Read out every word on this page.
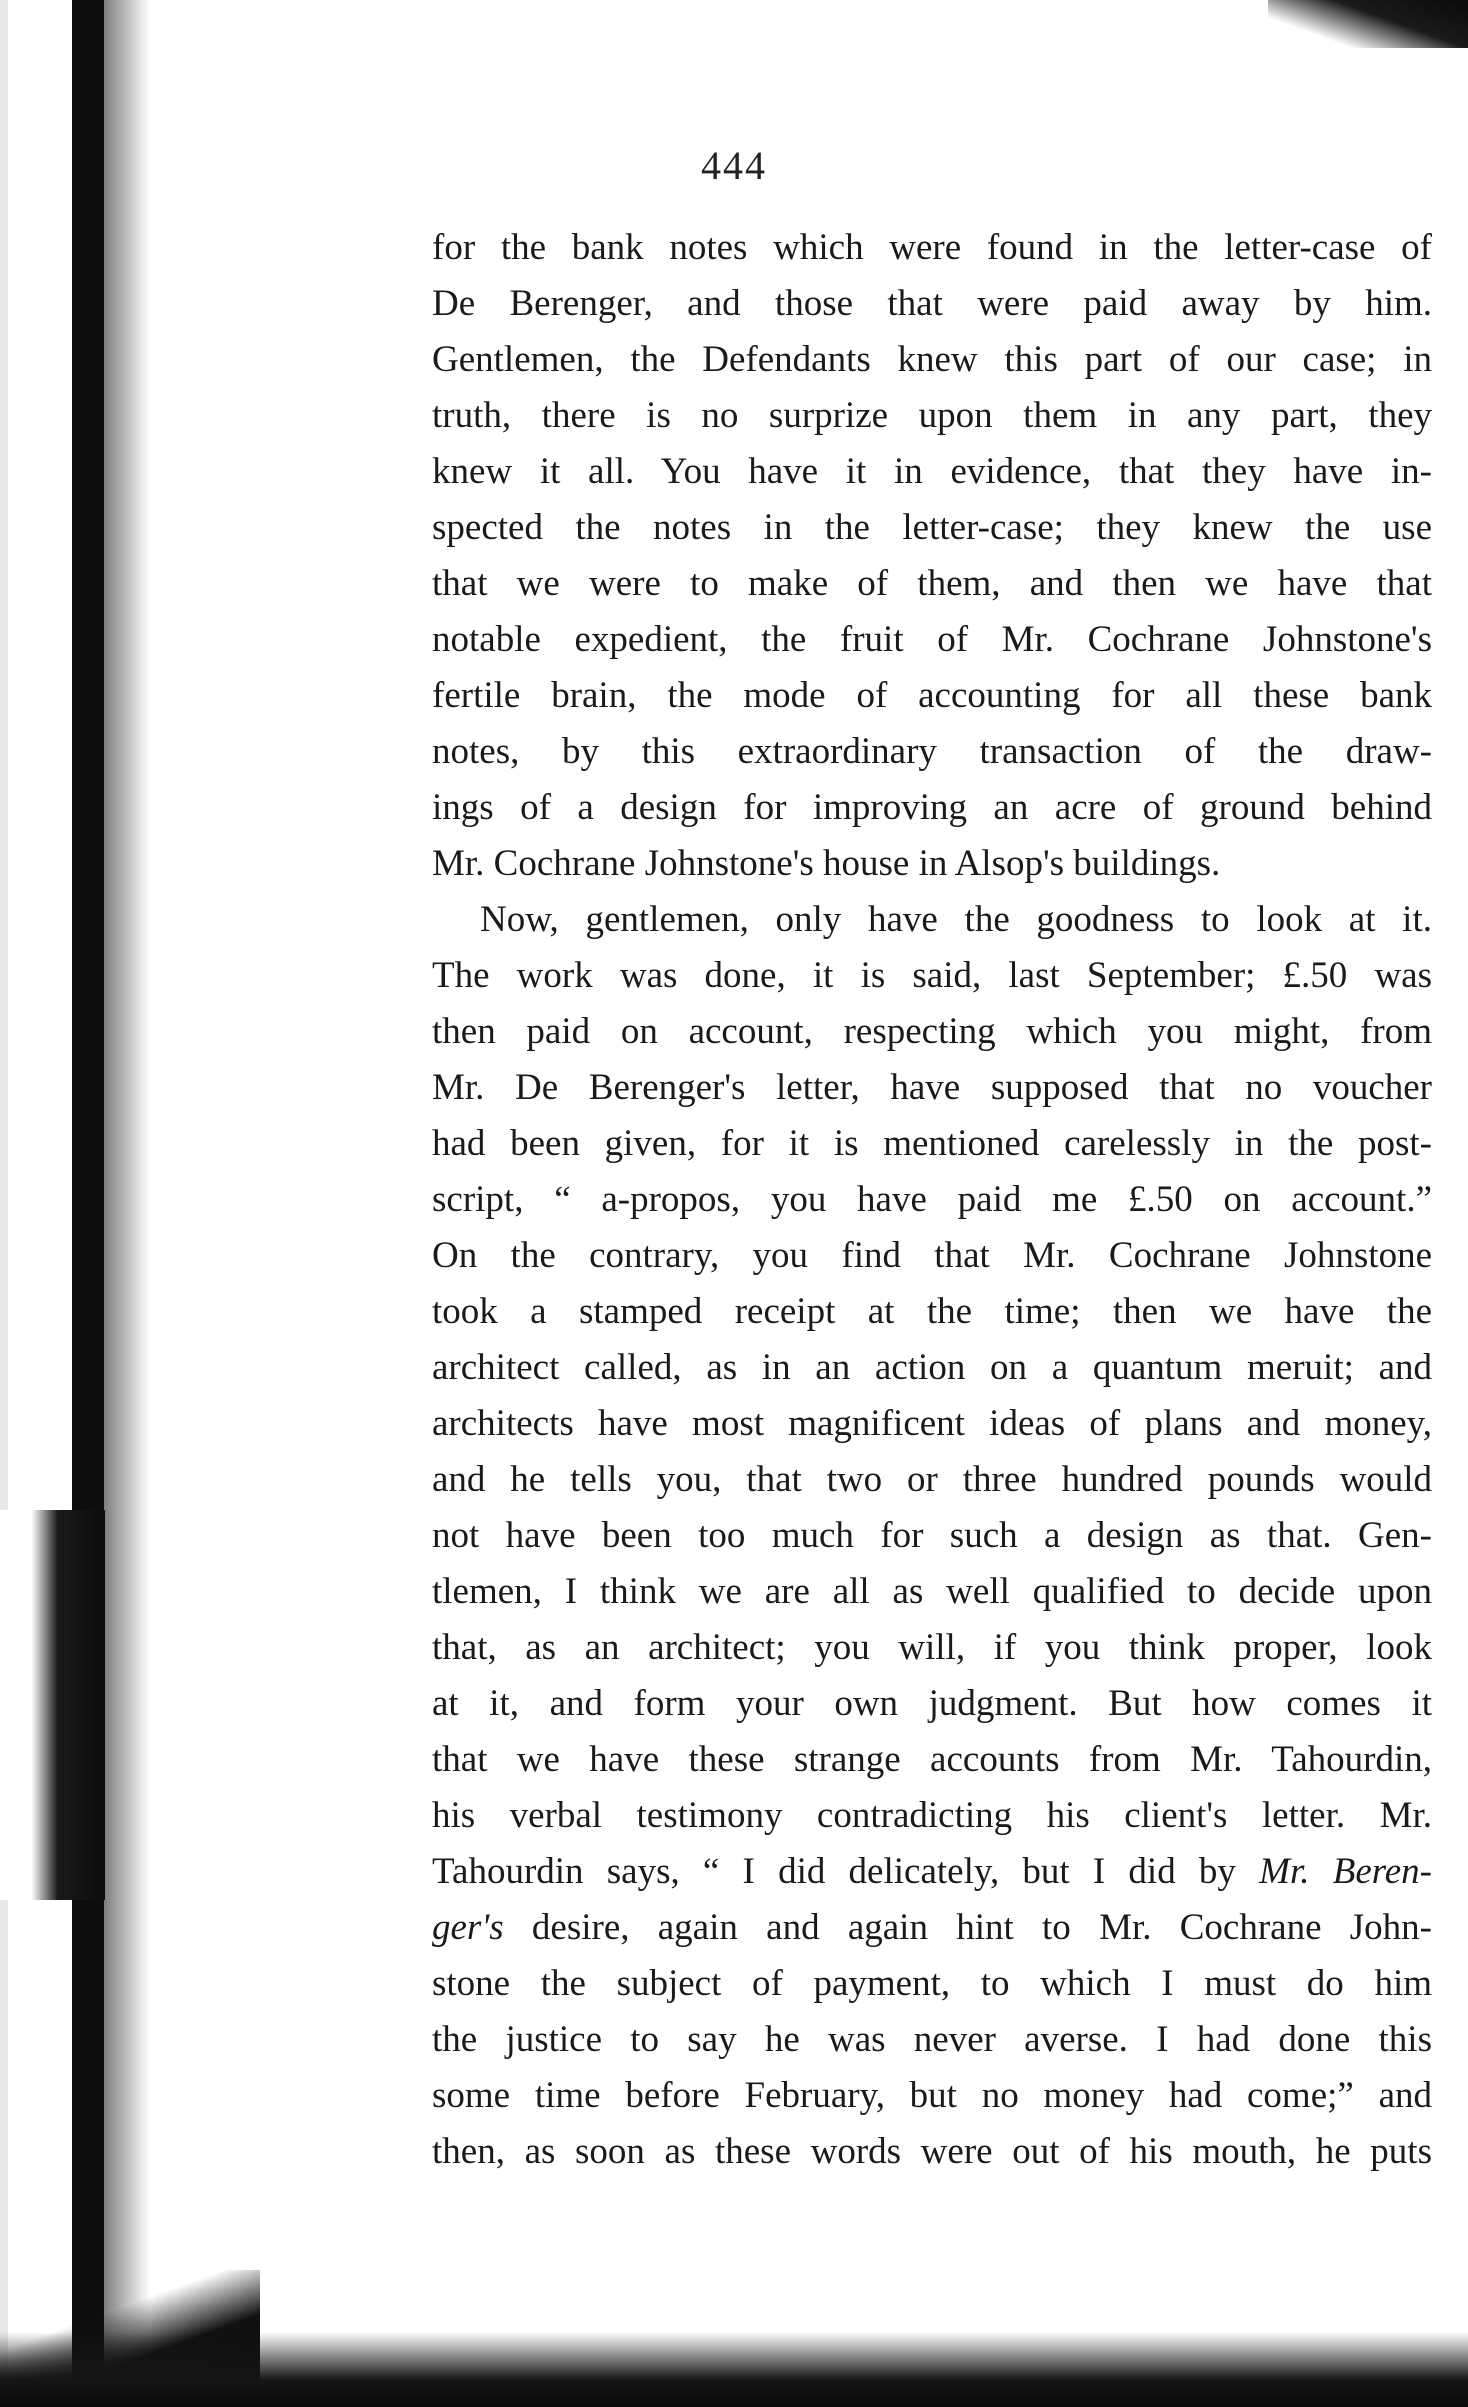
444
for the bank notes which were found in the letter-case of
De Berenger, and those that were paid away by him.
Gentlemen, the Defendants knew this part of our case; in
truth, there is no surprize upon them in any part, they
knew it all. You have it in evidence, that they have in-
spected the notes in the letter-case; they knew the use
that we were to make of them, and then we have that
notable expedient, the fruit of Mr. Cochrane Johnstone's
fertile brain, the mode of accounting for all these bank
notes, by this extraordinary transaction of the draw-
ings of a design for improving an acre of ground behind
Mr. Cochrane Johnstone's house in Alsop's buildings.
Now, gentlemen, only have the goodness to look at it.
The work was done, it is said, last September; £.50 was
then paid on account, respecting which you might, from
Mr. De Berenger's letter, have supposed that no voucher
had been given, for it is mentioned carelessly in the post-
script, “ a-propos, you have paid me £.50 on account.”
On the contrary, you find that Mr. Cochrane Johnstone
took a stamped receipt at the time; then we have the
architect called, as in an action on a quantum meruit; and
architects have most magnificent ideas of plans and money,
and he tells you, that two or three hundred pounds would
not have been too much for such a design as that. Gen-
tlemen, I think we are all as well qualified to decide upon
that, as an architect; you will, if you think proper, look
at it, and form your own judgment. But how comes it
that we have these strange accounts from Mr. Tahourdin,
his verbal testimony contradicting his client's letter. Mr.
Tahourdin says, “ I did delicately, but I did by Mr. Beren-
ger's desire, again and again hint to Mr. Cochrane John-
stone the subject of payment, to which I must do him
the justice to say he was never averse. I had done this
some time before February, but no money had come;” and
then, as soon as these words were out of his mouth, he puts
